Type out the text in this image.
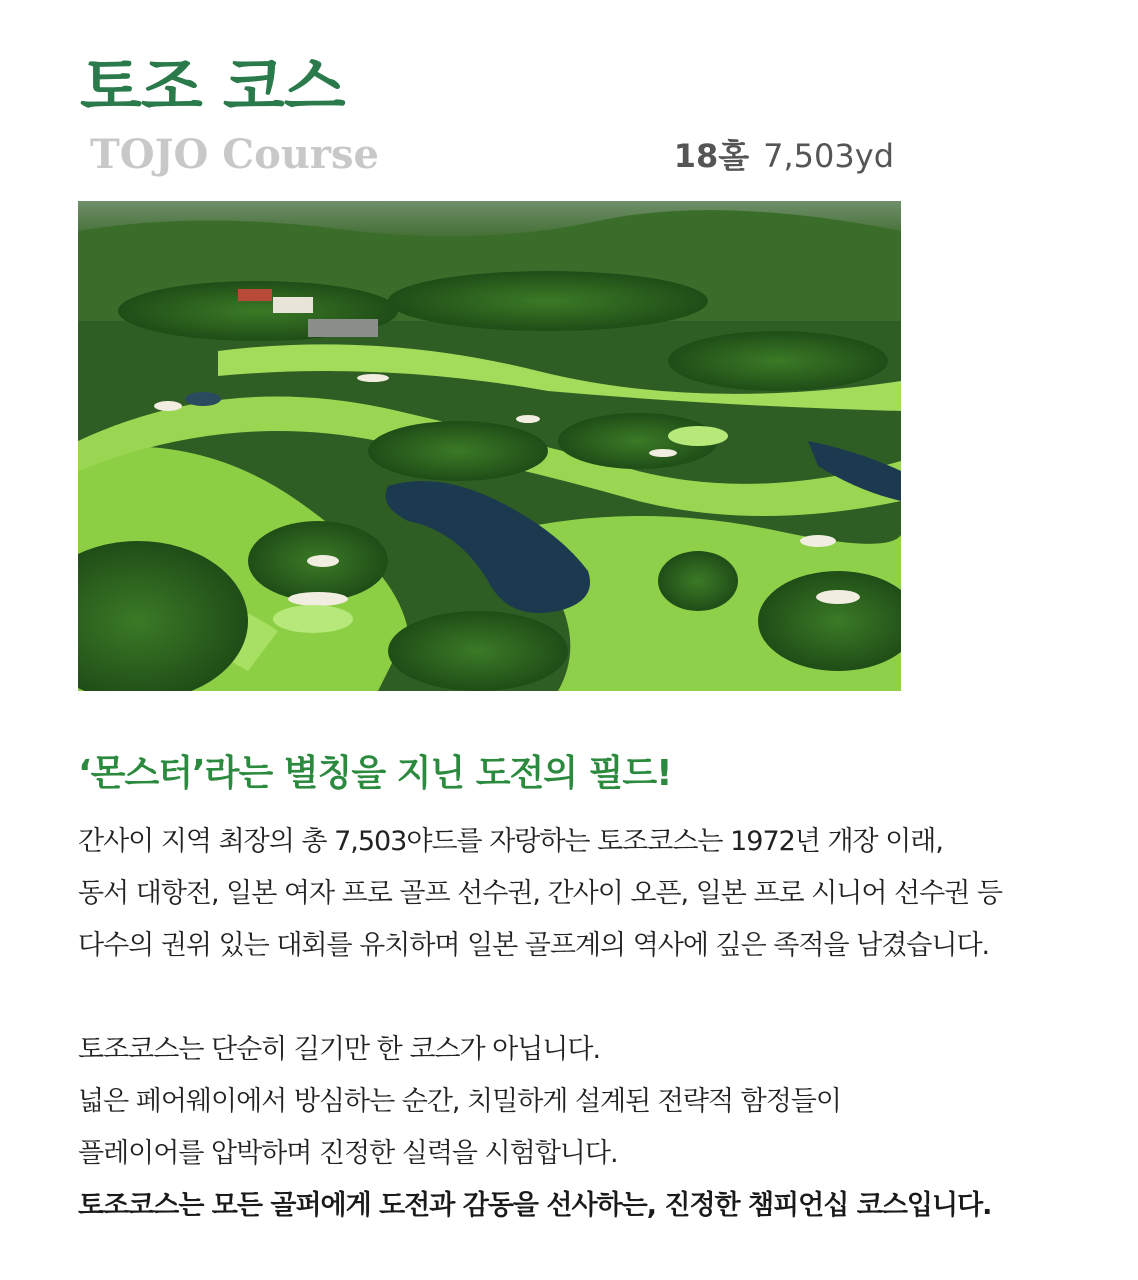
토조 코스
TOJO Course	18홀 7,503yd
‘몬스터’라는 별칭을 지닌 도전의 필드!
간사이 지역 최장의 총 7,503야드를 자랑하는 토조코스는 1972년 개장 이래,
동서 대항전, 일본 여자 프로 골프 선수권, 간사이 오픈, 일본 프로 시니어 선수권 등
다수의 권위 있는 대회를 유치하며 일본 골프계의 역사에 깊은 족적을 남겼습니다.
토조코스는 단순히 길기만 한 코스가 아닙니다.
넓은 페어웨이에서 방심하는 순간, 치밀하게 설계된 전략적 함정들이
플레이어를 압박하며 진정한 실력을 시험합니다.
토조코스는 모든 골퍼에게 도전과 감동을 선사하는, 진정한 챔피언십 코스입니다.
